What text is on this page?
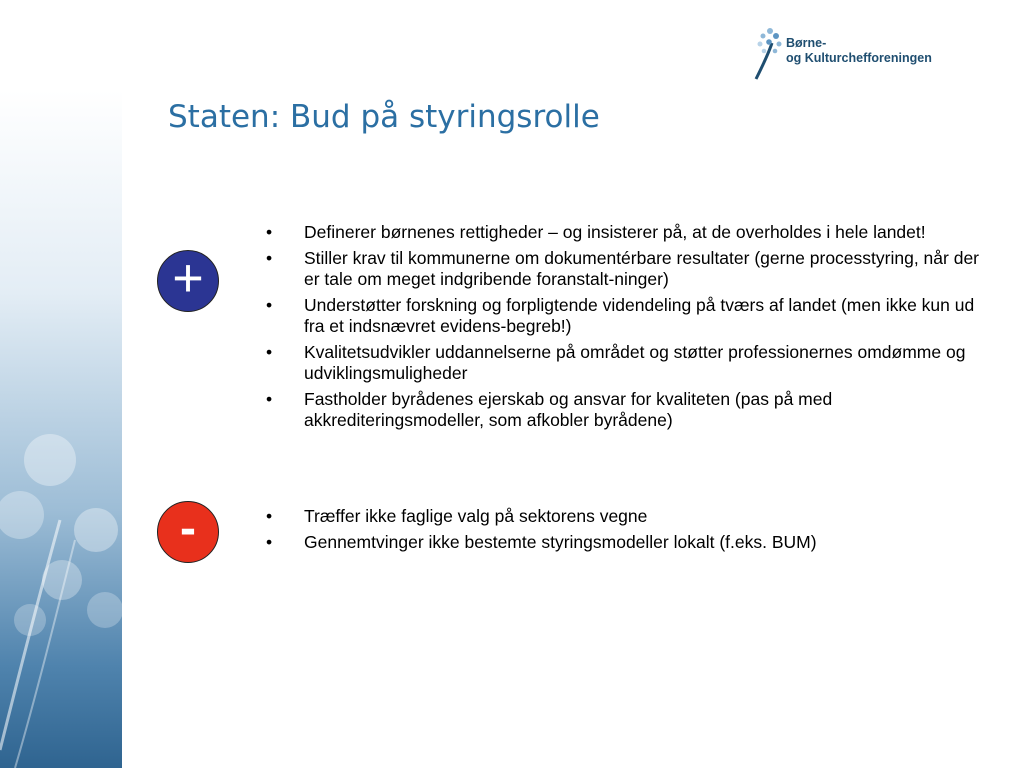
Børne-
og Kulturchefforeningen
Staten: Bud på styringsrolle
+
• Definerer børnenes rettigheder – og insisterer på, at de overholdes i hele landet!
• Stiller krav til kommunerne om dokumentérbare resultater (gerne processtyring, når der er tale om meget indgribende foranstalt-ninger)
• Understøtter forskning og forpligtende videndeling på tværs af landet (men ikke kun ud fra et indsnævret evidens-begreb!)
• Kvalitetsudvikler uddannelserne på området og støtter professionernes omdømme og udviklingsmuligheder
• Fastholder byrådenes ejerskab og ansvar for kvaliteten (pas på med akkrediteringsmodeller, som afkobler byrådene)
-
•	Træffer ikke faglige valg på sektorens vegne
• Gennemtvinger ikke bestemte styringsmodeller lokalt (f.eks. BUM)
